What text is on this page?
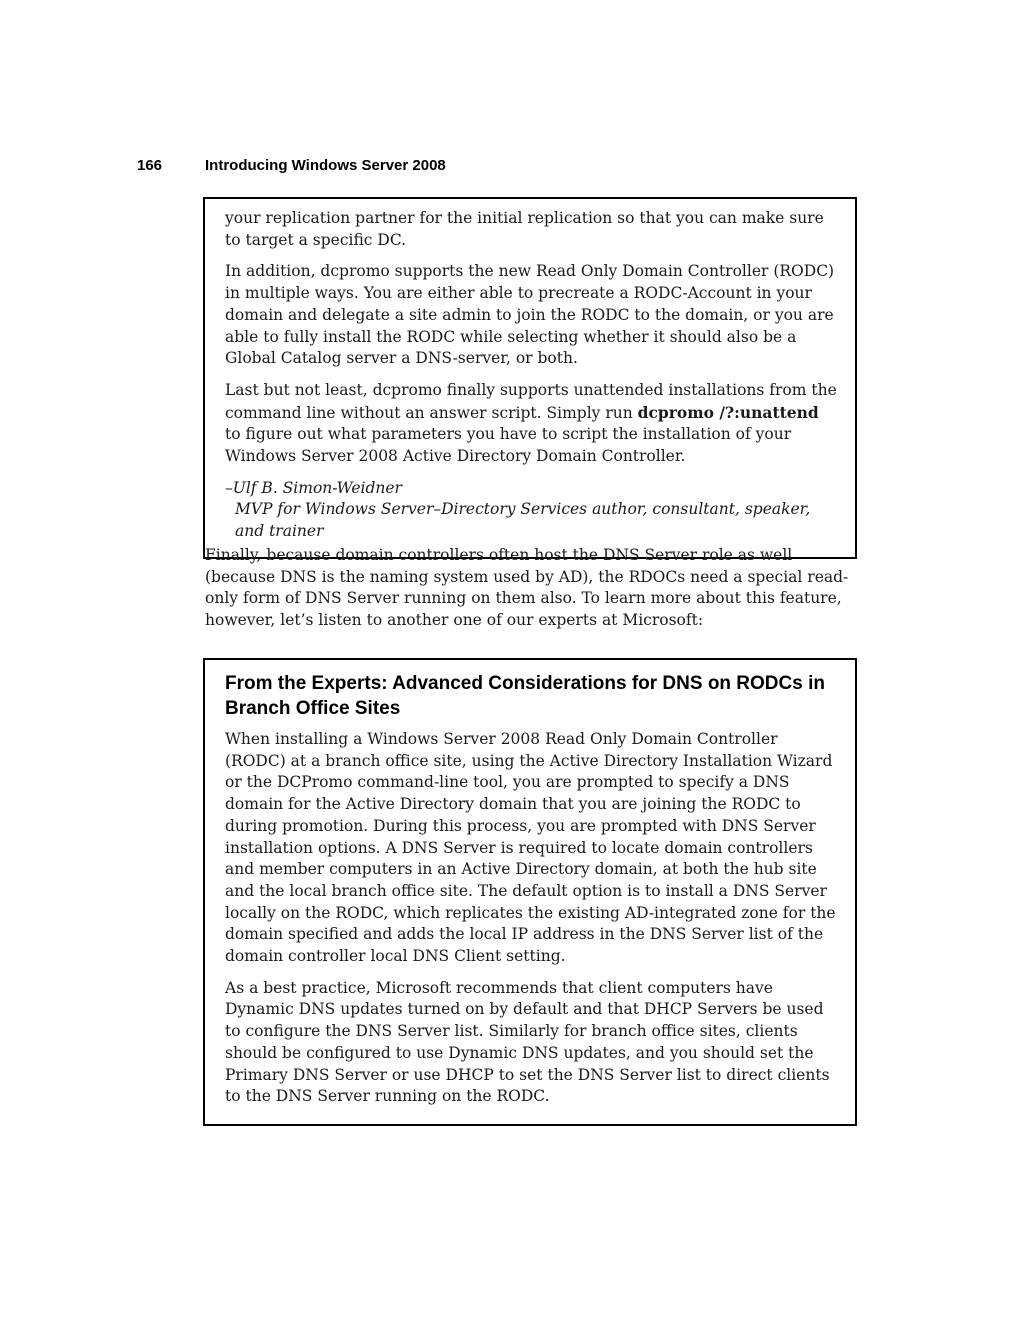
166	Introducing Windows Server 2008

your replication partner for the initial replication so that you can make sure to target a specific DC.

In addition, dcpromo supports the new Read Only Domain Controller (RODC) in multiple ways. You are either able to precreate a RODC-Account in your domain and delegate a site admin to join the RODC to the domain, or you are able to fully install the RODC while selecting whether it should also be a Global Catalog server a DNS-server, or both.

Last but not least, dcpromo finally supports unattended installations from the command line without an answer script. Simply run dcpromo /?:unattend to figure out what parameters you have to script the installation of your Windows Server 2008 Active Directory Domain Controller.

–Ulf B. Simon-Weidner

MVP for Windows Server–Directory Services author, consultant, speaker, and trainer

Finally, because domain controllers often host the DNS Server role as well (because DNS is the naming system used by AD), the RDOCs need a special read-only form of DNS Server running on them also. To learn more about this feature, however, let’s listen to another one of our experts at Microsoft:

From the Experts: Advanced Considerations for DNS on RODCs in Branch Office Sites

When installing a Windows Server 2008 Read Only Domain Controller (RODC) at a branch office site, using the Active Directory Installation Wizard or the DCPromo command-line tool, you are prompted to specify a DNS domain for the Active Directory domain that you are joining the RODC to during promotion. During this process, you are prompted with DNS Server installation options. A DNS Server is required to locate domain controllers and member computers in an Active Directory domain, at both the hub site and the local branch office site. The default option is to install a DNS Server locally on the RODC, which replicates the existing AD-integrated zone for the domain specified and adds the local IP address in the DNS Server list of the domain controller local DNS Client setting.

As a best practice, Microsoft recommends that client computers have Dynamic DNS updates turned on by default and that DHCP Servers be used to configure the DNS Server list. Similarly for branch office sites, clients should be configured to use Dynamic DNS updates, and you should set the Primary DNS Server or use DHCP to set the DNS Server list to direct clients to the DNS Server running on the RODC.
